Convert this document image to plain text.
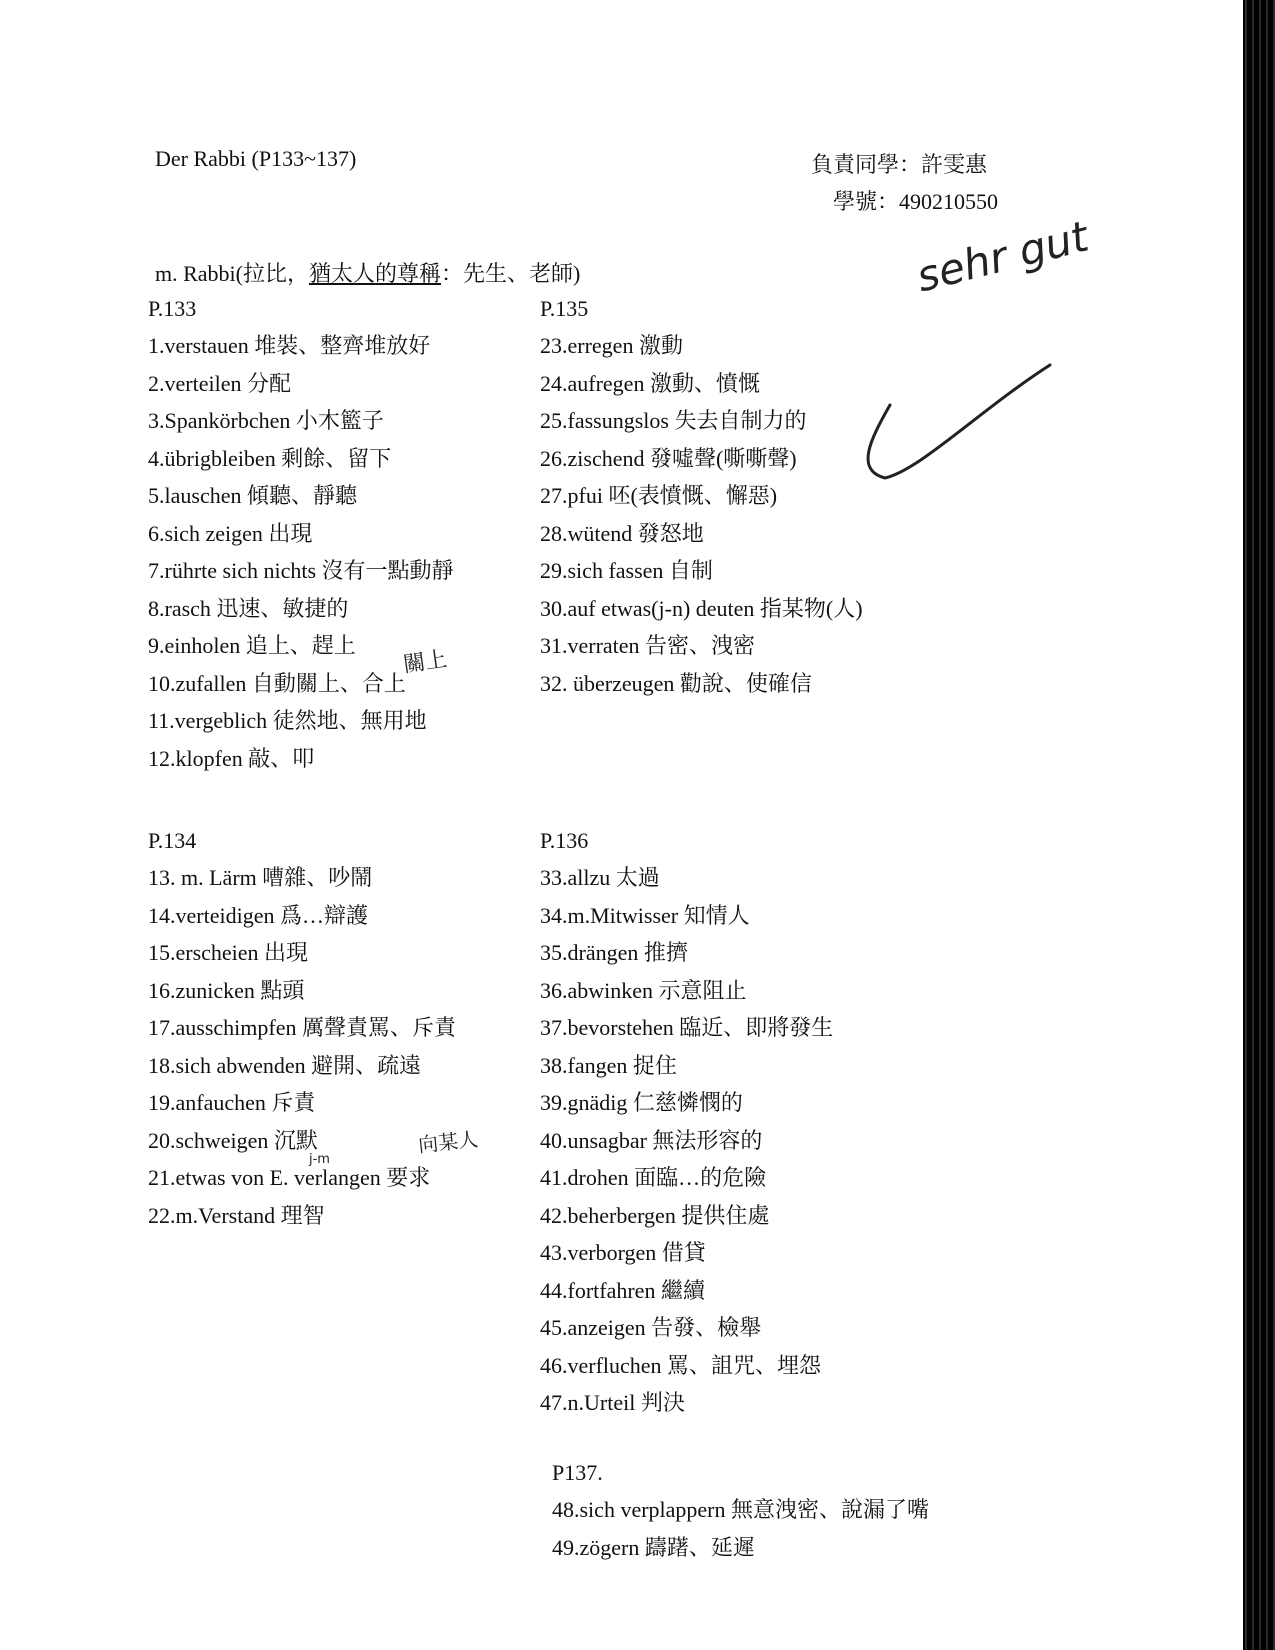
Der Rabbi (P133~137)	負責同學：許雯惠
學號：490210550
m. Rabbi(拉比，猶太人的尊稱：先生、老師)	sehr gut
關上
向某人
j-m
P.133
1.verstauen 堆裝、整齊堆放好
2.verteilen 分配
3.Spankörbchen 小木籃子
4.übrigbleiben 剩餘、留下
5.lauschen 傾聽、靜聽
6.sich zeigen 出現
7.rührte sich nichts 沒有一點動靜
8.rasch 迅速、敏捷的
9.einholen 追上、趕上
10.zufallen 自動關上、合上
11.vergeblich 徒然地、無用地
12.klopfen 敲、叩
P.134
13. m. Lärm 嘈雜、吵鬧
14.verteidigen 爲…辯護
15.erscheien 出現
16.zunicken 點頭
17.ausschimpfen 厲聲責罵、斥責
18.sich abwenden 避開、疏遠
19.anfauchen 斥責
20.schweigen 沉默
21.etwas von E. verlangen 要求
22.m.Verstand 理智
P.135
23.erregen 激動
24.aufregen 激動、憤慨
25.fassungslos 失去自制力的
26.zischend 發噓聲(嘶嘶聲)
27.pfui 呸(表憤慨、懈惡)
28.wütend 發怒地
29.sich fassen 自制
30.auf etwas(j-n) deuten 指某物(人)
31.verraten 告密、洩密
32. überzeugen 勸說、使確信
P.136
33.allzu 太過
34.m.Mitwisser 知情人
35.drängen 推擠
36.abwinken 示意阻止
37.bevorstehen 臨近、即將發生
38.fangen 捉住
39.gnädig 仁慈憐憫的
40.unsagbar 無法形容的
41.drohen 面臨…的危險
42.beherbergen 提供住處
43.verborgen 借貸
44.fortfahren 繼續
45.anzeigen 告發、檢舉
46.verfluchen 罵、詛咒、埋怨
47.n.Urteil 判決
P137.
48.sich verplappern 無意洩密、說漏了嘴
49.zögern 躊躇、延遲
